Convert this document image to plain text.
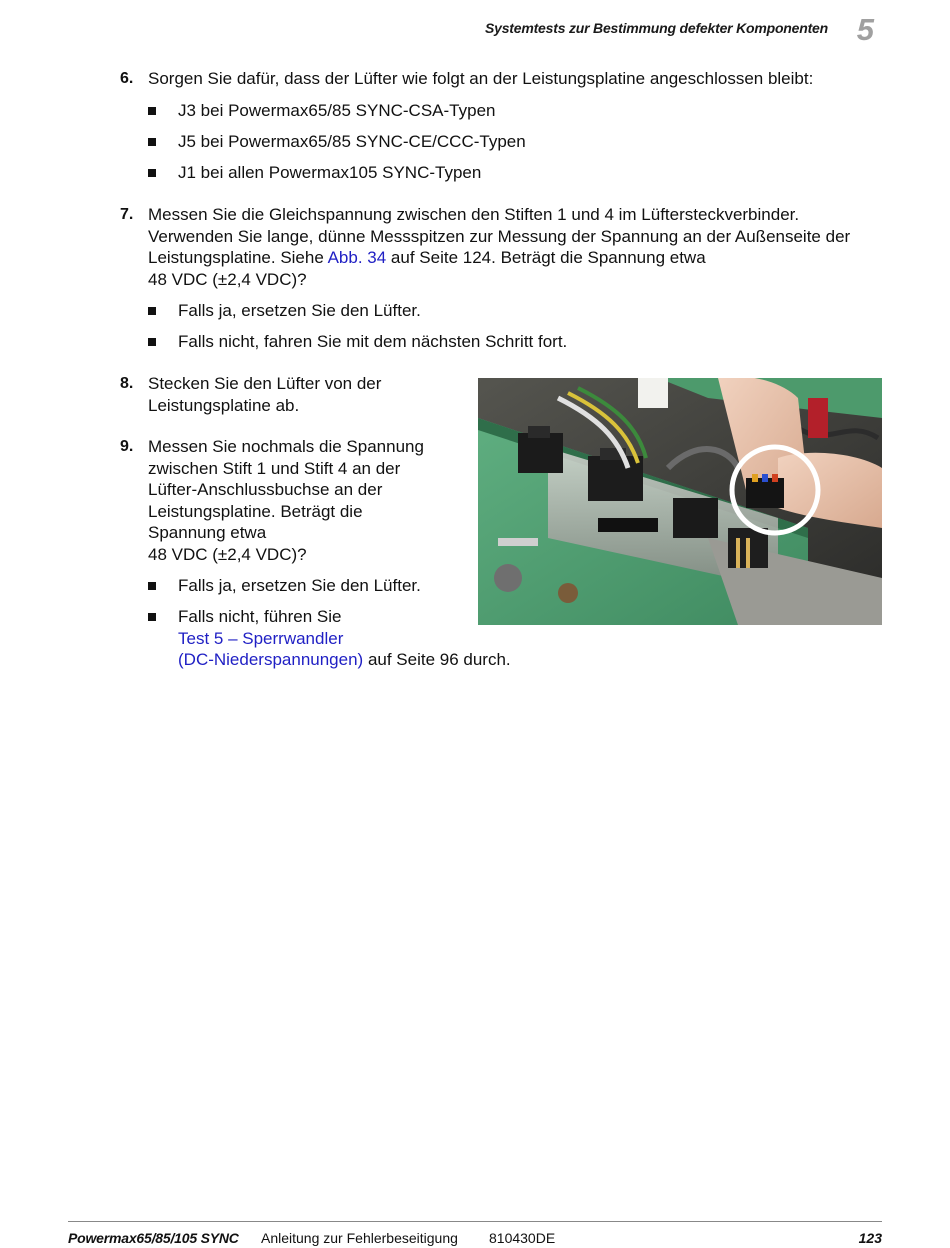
Systemtests zur Bestimmung defekter Komponenten 5
6. Sorgen Sie dafür, dass der Lüfter wie folgt an der Leistungsplatine angeschlossen bleibt:
J3 bei Powermax65/85 SYNC-CSA-Typen
J5 bei Powermax65/85 SYNC-CE/CCC-Typen
J1 bei allen Powermax105 SYNC-Typen
7. Messen Sie die Gleichspannung zwischen den Stiften 1 und 4 im Lüftersteckverbinder.
Verwenden Sie lange, dünne Messspitzen zur Messung der Spannung an der Außenseite der
Leistungsplatine. Siehe Abb. 34 auf Seite 124. Beträgt die Spannung etwa
48 VDC (±2,4 VDC)?
Falls ja, ersetzen Sie den Lüfter.
Falls nicht, fahren Sie mit dem nächsten Schritt fort.
8. Stecken Sie den Lüfter von der
Leistungsplatine ab.
9. Messen Sie nochmals die Spannung
zwischen Stift 1 und Stift 4 an der
Lüfter-Anschlussbuchse an der
Leistungsplatine. Beträgt die
Spannung etwa
48 VDC (±2,4 VDC)?
Falls ja, ersetzen Sie den Lüfter.
Falls nicht, führen Sie
Test 5 – Sperrwandler
(DC-Niederspannungen) auf Seite 96 durch.
Powermax65/85/105 SYNC Anleitung zur Fehlerbeseitigung 810430DE	123
